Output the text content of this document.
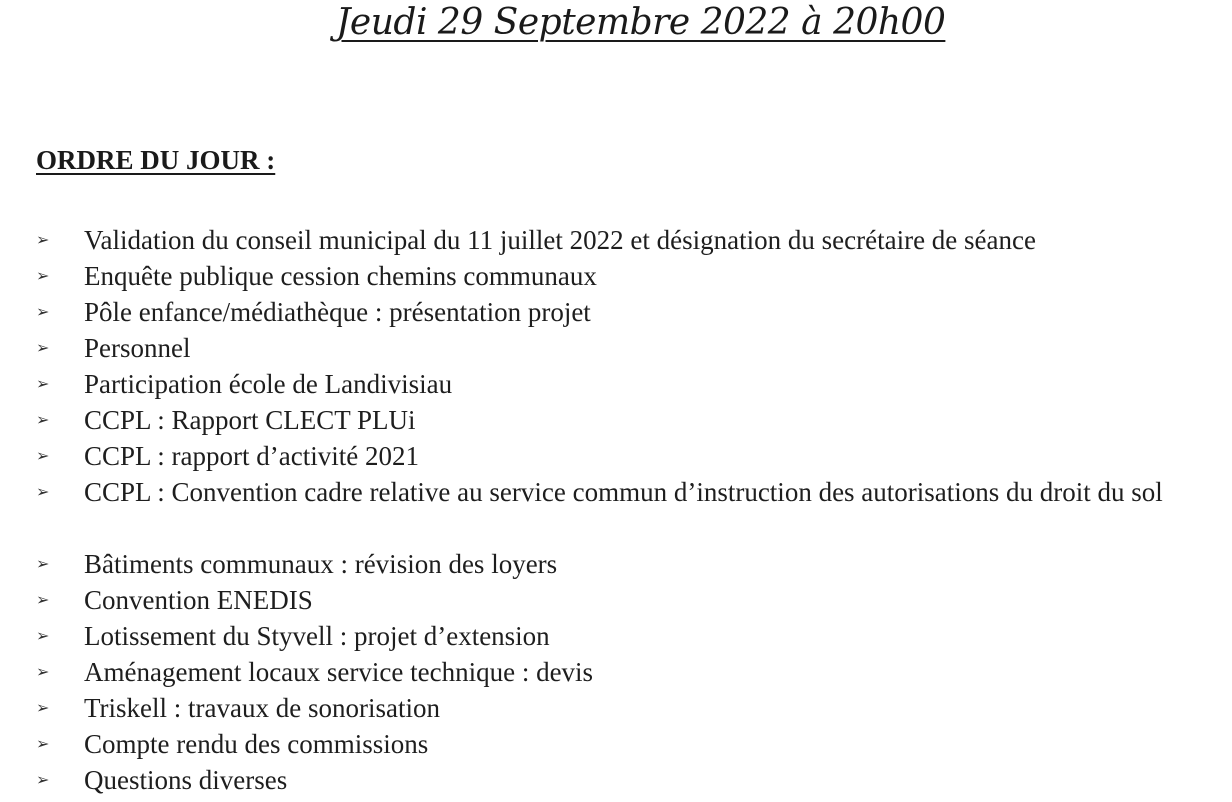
Jeudi 29 Septembre 2022 à 20h00
ORDRE DU JOUR :
➢ Validation du conseil municipal du 11 juillet 2022 et désignation du secrétaire de séance
➢ Enquête publique cession chemins communaux
➢ Pôle enfance/médiathèque : présentation projet
➢ Personnel
➢ Participation école de Landivisiau
➢ CCPL : Rapport CLECT PLUi
➢ CCPL : rapport d’activité 2021
➢ CCPL : Convention cadre relative au service commun d’instruction des autorisations du droit du sol
➢ Bâtiments communaux : révision des loyers
➢ Convention ENEDIS
➢ Lotissement du Styvell : projet d’extension
➢ Aménagement locaux service technique : devis
➢ Triskell : travaux de sonorisation
➢ Compte rendu des commissions
➢ Questions diverses
